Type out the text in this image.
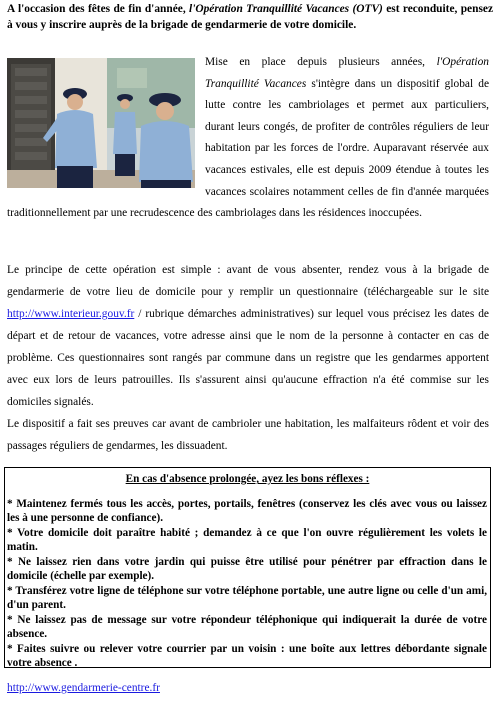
A l'occasion des fêtes de fin d'année, l'Opération Tranquillité Vacances (OTV) est reconduite, pensez à vous y inscrire auprès de la brigade de gendarmerie de votre domicile.
Mise en place depuis plusieurs années, l'Opération Tranquillité Vacances s'intègre dans un dispositif global de lutte contre les cambriolages et permet aux particuliers, durant leurs congés, de profiter de contrôles réguliers de leur habitation par les forces de l'ordre. Auparavant réservée aux vacances estivales, elle est depuis 2009 étendue à toutes les vacances scolaires notamment celles de fin d'année marquées traditionnellement par une recrudescence des cambriolages dans les résidences inoccupées.

Le principe de cette opération est simple : avant de vous absenter, rendez vous à la brigade de gendarmerie de votre lieu de domicile pour y remplir un questionnaire (téléchargeable sur le site http://www.interieur.gouv.fr / rubrique démarches administratives) sur lequel vous précisez les dates de départ et de retour de vacances, votre adresse ainsi que le nom de la personne à contacter en cas de problème. Ces questionnaires sont rangés par commune dans un registre que les gendarmes apportent avec eux lors de leurs patrouilles. Ils s'assurent ainsi qu'aucune effraction n'a été commise sur les domiciles signalés.

Le dispositif a fait ses preuves car avant de cambrioler une habitation, les malfaiteurs rôdent et voir des passages réguliers de gendarmes, les dissuadent.

En cas d'absence prolongée, ayez les bons réflexes :
* Maintenez fermés tous les accès, portes, portails, fenêtres (conservez les clés avec vous ou laissez les à une personne de confiance).
* Votre domicile doit paraître habité ; demandez à ce que l'on ouvre régulièrement les volets le matin.
* Ne laissez rien dans votre jardin qui puisse être utilisé pour pénétrer par effraction dans le domicile (échelle par exemple).
* Transférez votre ligne de téléphone sur votre téléphone portable, une autre ligne ou celle d'un ami, d'un parent.
* Ne laissez pas de message sur votre répondeur téléphonique qui indiquerait la durée de votre absence.
* Faites suivre ou relever votre courrier par un voisin : une boîte aux lettres débordante signale votre absence .
http://www.gendarmerie-centre.fr
